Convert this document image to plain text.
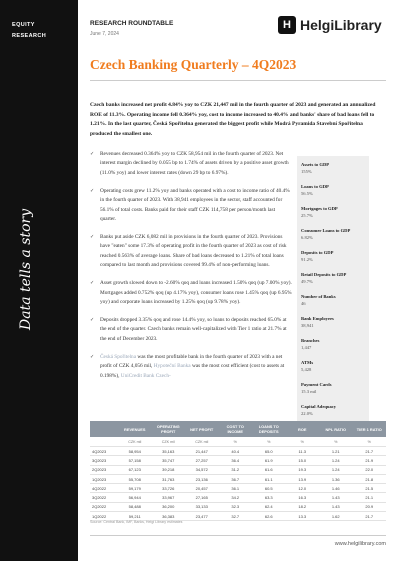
EQUITY
RESEARCH
Data tells a story
RESEARCH ROUNDTABLE
June 7, 2024
H HelgiLibrary
Czech Banking Quarterly – 4Q2023

Czech banks increased net profit 4.84% yoy to CZK 21,447 mil in the fourth quarter of 2023 and generated an annualized ROE of 11.3%. Operating income fell 0.364% yoy, cost to income increased to 40.4% and banks' share of bad loans fell to 1.21%. In the last quarter, Česká Spořitelna generated the biggest profit while Modrá Pyramida Stavební Spořitelna produced the smallest one.

✓ Revenues decreased 0.364% yoy to CZK 58,954 mil in the fourth quarter of 2023. Net interest margin declined by 0.055 bp to 1.74% of assets driven by a positive asset growth (11.0% yoy) and lower interest rates (down 29 bp to 6.97%).
✓ Operating costs grew 11.2% yoy and banks operated with a cost to income ratio of 40.4% in the fourth quarter of 2023. With 38,941 employees in the sector, staff accounted for 56.1% of total costs. Banks paid for their staff CZK 114,758 per person/month last quarter.
✓ Banks put aside CZK 6,082 mil in provisions in the fourth quarter of 2023. Provisions have "eaten" some 17.3% of operating profit in the fourth quarter of 2023 as cost of risk reached 0.563% of average loans. Share of bad loans decreased to 1.21% of total loans compared to last month and provisions covered 99.4% of non-performing loans.
✓ Asset growth slowed down to -2.60% qoq and loans increased 1.50% qoq (up 7.00% yoy). Mortgages added 0.752% qoq (up 4.17% yoy), consumer loans rose 1.45% qoq (up 6.95% yoy) and corporate loans increased by 1.25% qoq (up 9.78% yoy).
✓ Deposits dropped 3.35% qoq and rose 14.4% yoy, so loans to deposits reached 65.0% at the end of the quarter. Czech banks remain well-capitalized with Tier 1 ratio at 21.7% at the end of December 2023.
✓ Česká Spořitelna was the most profitable bank in the fourth quarter of 2023 with a net profit of CZK 4,056 mil, Hypoteční Banka was the most cost efficient (cost to assets at 0.198%), UniCredit Bank Czech-
Assets to GDP
155%
Loans to GDP
56.5%
Mortgages to GDP
25.7%
Consumer Loans to GDP
6.82%
Deposits to GDP
91.2%
Retail Deposits to GDP
49.7%
Number of Banks
46
Bank Employees
38,941
Branches
1,447
ATMs
5,428
Payment Cards
15.3 mil
Capital Adequacy
22.0%
	REVENUES	OPERATING PROFIT	NET PROFIT	COST TO INCOME	LOANS TO DEPOSITS	ROE	NPL RATIO	TIER 1 RATIO
	CZK mil	CZK mil	CZK mil	%	%	%	%	%
4Q2023	58,954	35,163	21,447	40.4	65.0	11.3	1.21	21.7
3Q2023	57,158	35,747	27,257	36.4	61.9	15.0	1.24	21.9
2Q2023	67,123	39,218	34,572	31.2	61.6	19.3	1.24	22.0
1Q2023	55,708	31,763	23,136	36.7	61.1	13.9	1.36	21.8
4Q2022	59,179	33,726	20,457	36.1	60.5	12.0	1.46	21.5
3Q2022	56,944	33,967	27,165	34.2	63.3	16.3	1.43	21.1
2Q2022	58,488	36,200	33,133	32.3	62.4	18.2	1.43	20.9
1Q2022	59,211	36,383	23,477	32.7	62.6	13.3	1.62	21.7
Source: Central Bank, IMF, Banks, Helgi Library estimates
www.helgilibrary.com
